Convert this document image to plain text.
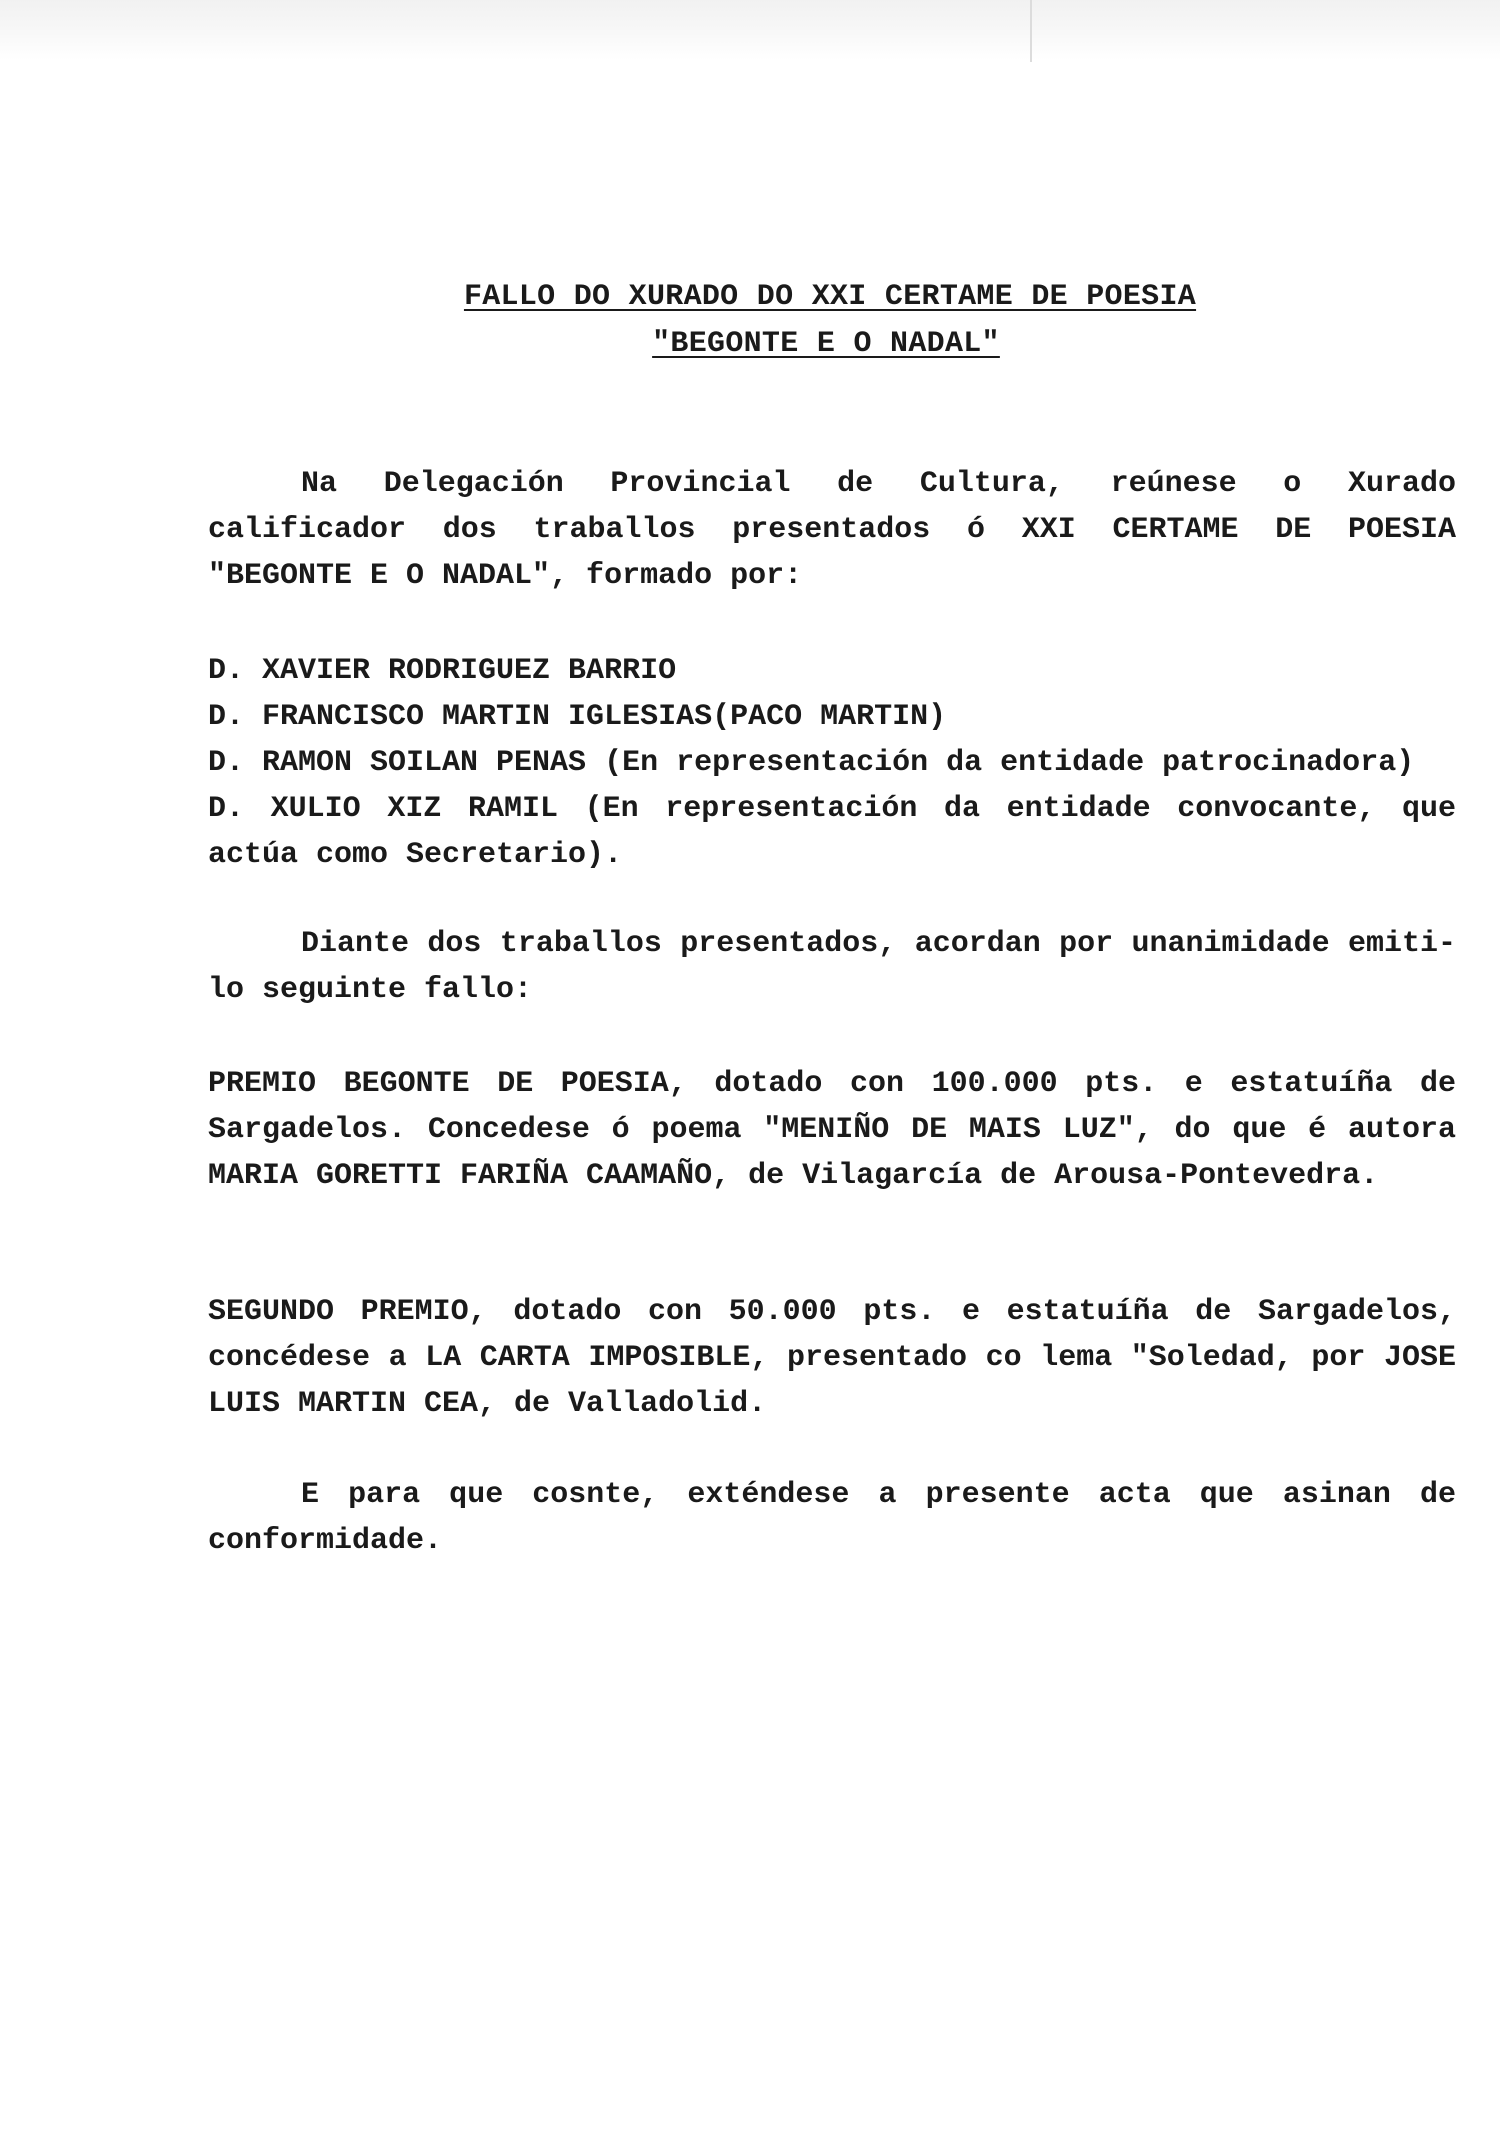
FALLO DO XURADO DO XXI CERTAME DE POESIA
"BEGONTE E O NADAL"

Na Delegación Provincial de Cultura, reúnese o Xurado calificador dos traballos presentados ó XXI CERTAME DE POESIA "BEGONTE E O NADAL", formado por:

D. XAVIER RODRIGUEZ BARRIO
D. FRANCISCO MARTIN IGLESIAS(PACO MARTIN)
D. RAMON SOILAN PENAS (En representación da entidade patrocinadora)
D. XULIO XIZ RAMIL (En representación da entidade convocante, que actúa como Secretario).

Diante dos traballos presentados, acordan por unanimidade emiti-lo seguinte fallo:

PREMIO BEGONTE DE POESIA, dotado con 100.000 pts. e estatuíña de Sargadelos. Concedese ó poema "MENIÑO DE MAIS LUZ", do que é autora MARIA GORETTI FARIÑA CAAMAÑO, de Vilagarcía de Arousa-Pontevedra.

SEGUNDO PREMIO, dotado con 50.000 pts. e estatuíña de Sargadelos, concédese a LA CARTA IMPOSIBLE, presentado co lema "Soledad, por JOSE LUIS MARTIN CEA, de Valladolid.

E para que cosnte, exténdese a presente acta que asinan de conformidade.
